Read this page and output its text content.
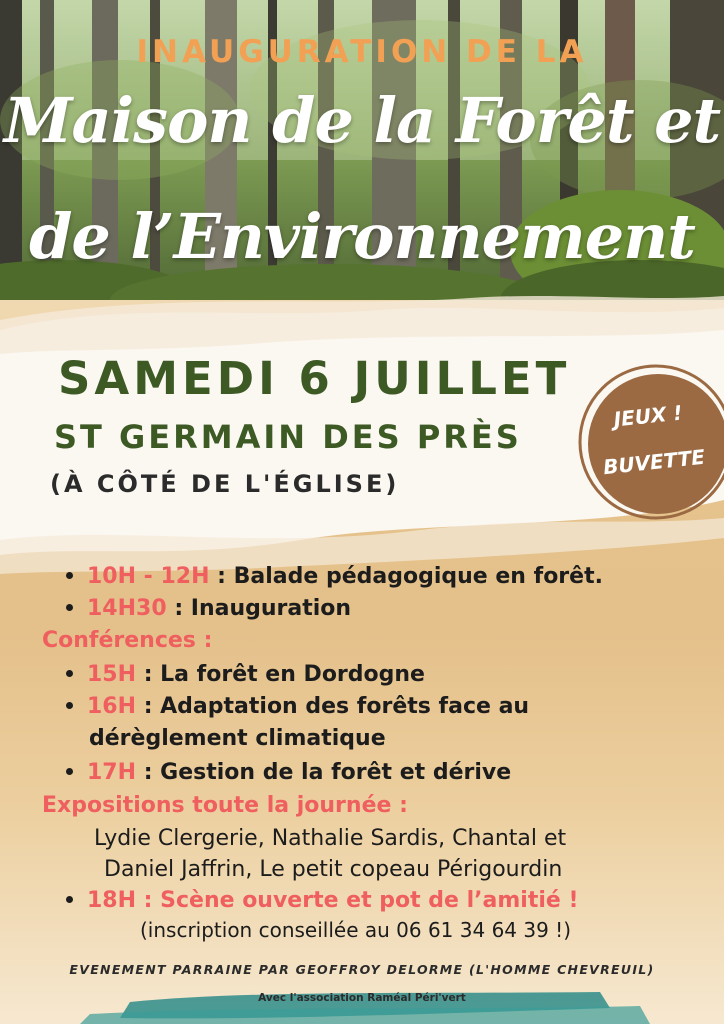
INAUGURATION DE LA
Maison de la Forêt et
de l’Environnement
SAMEDI 6 JUILLET
ST GERMAIN DES PRÈS
(À CÔTÉ DE L'ÉGLISE)
JEUX !
BUVETTE
10H - 12H : Balade pédagogique en forêt.
14H30 : Inauguration
Conférences :
15H : La forêt en Dordogne
16H : Adaptation des forêts face au
dérèglement climatique
17H : Gestion de la forêt et dérive
Expositions toute la journée :
Lydie Clergerie, Nathalie Sardis, Chantal et
Daniel Jaffrin, Le petit copeau Périgourdin
18H : Scène ouverte et pot de l’amitié !
(inscription conseillée au 06 61 34 64 39 !)
EVENEMENT PARRAINE PAR GEOFFROY DELORME (L'HOMME CHEVREUIL)
Avec l'association Raméal Péri'vert
